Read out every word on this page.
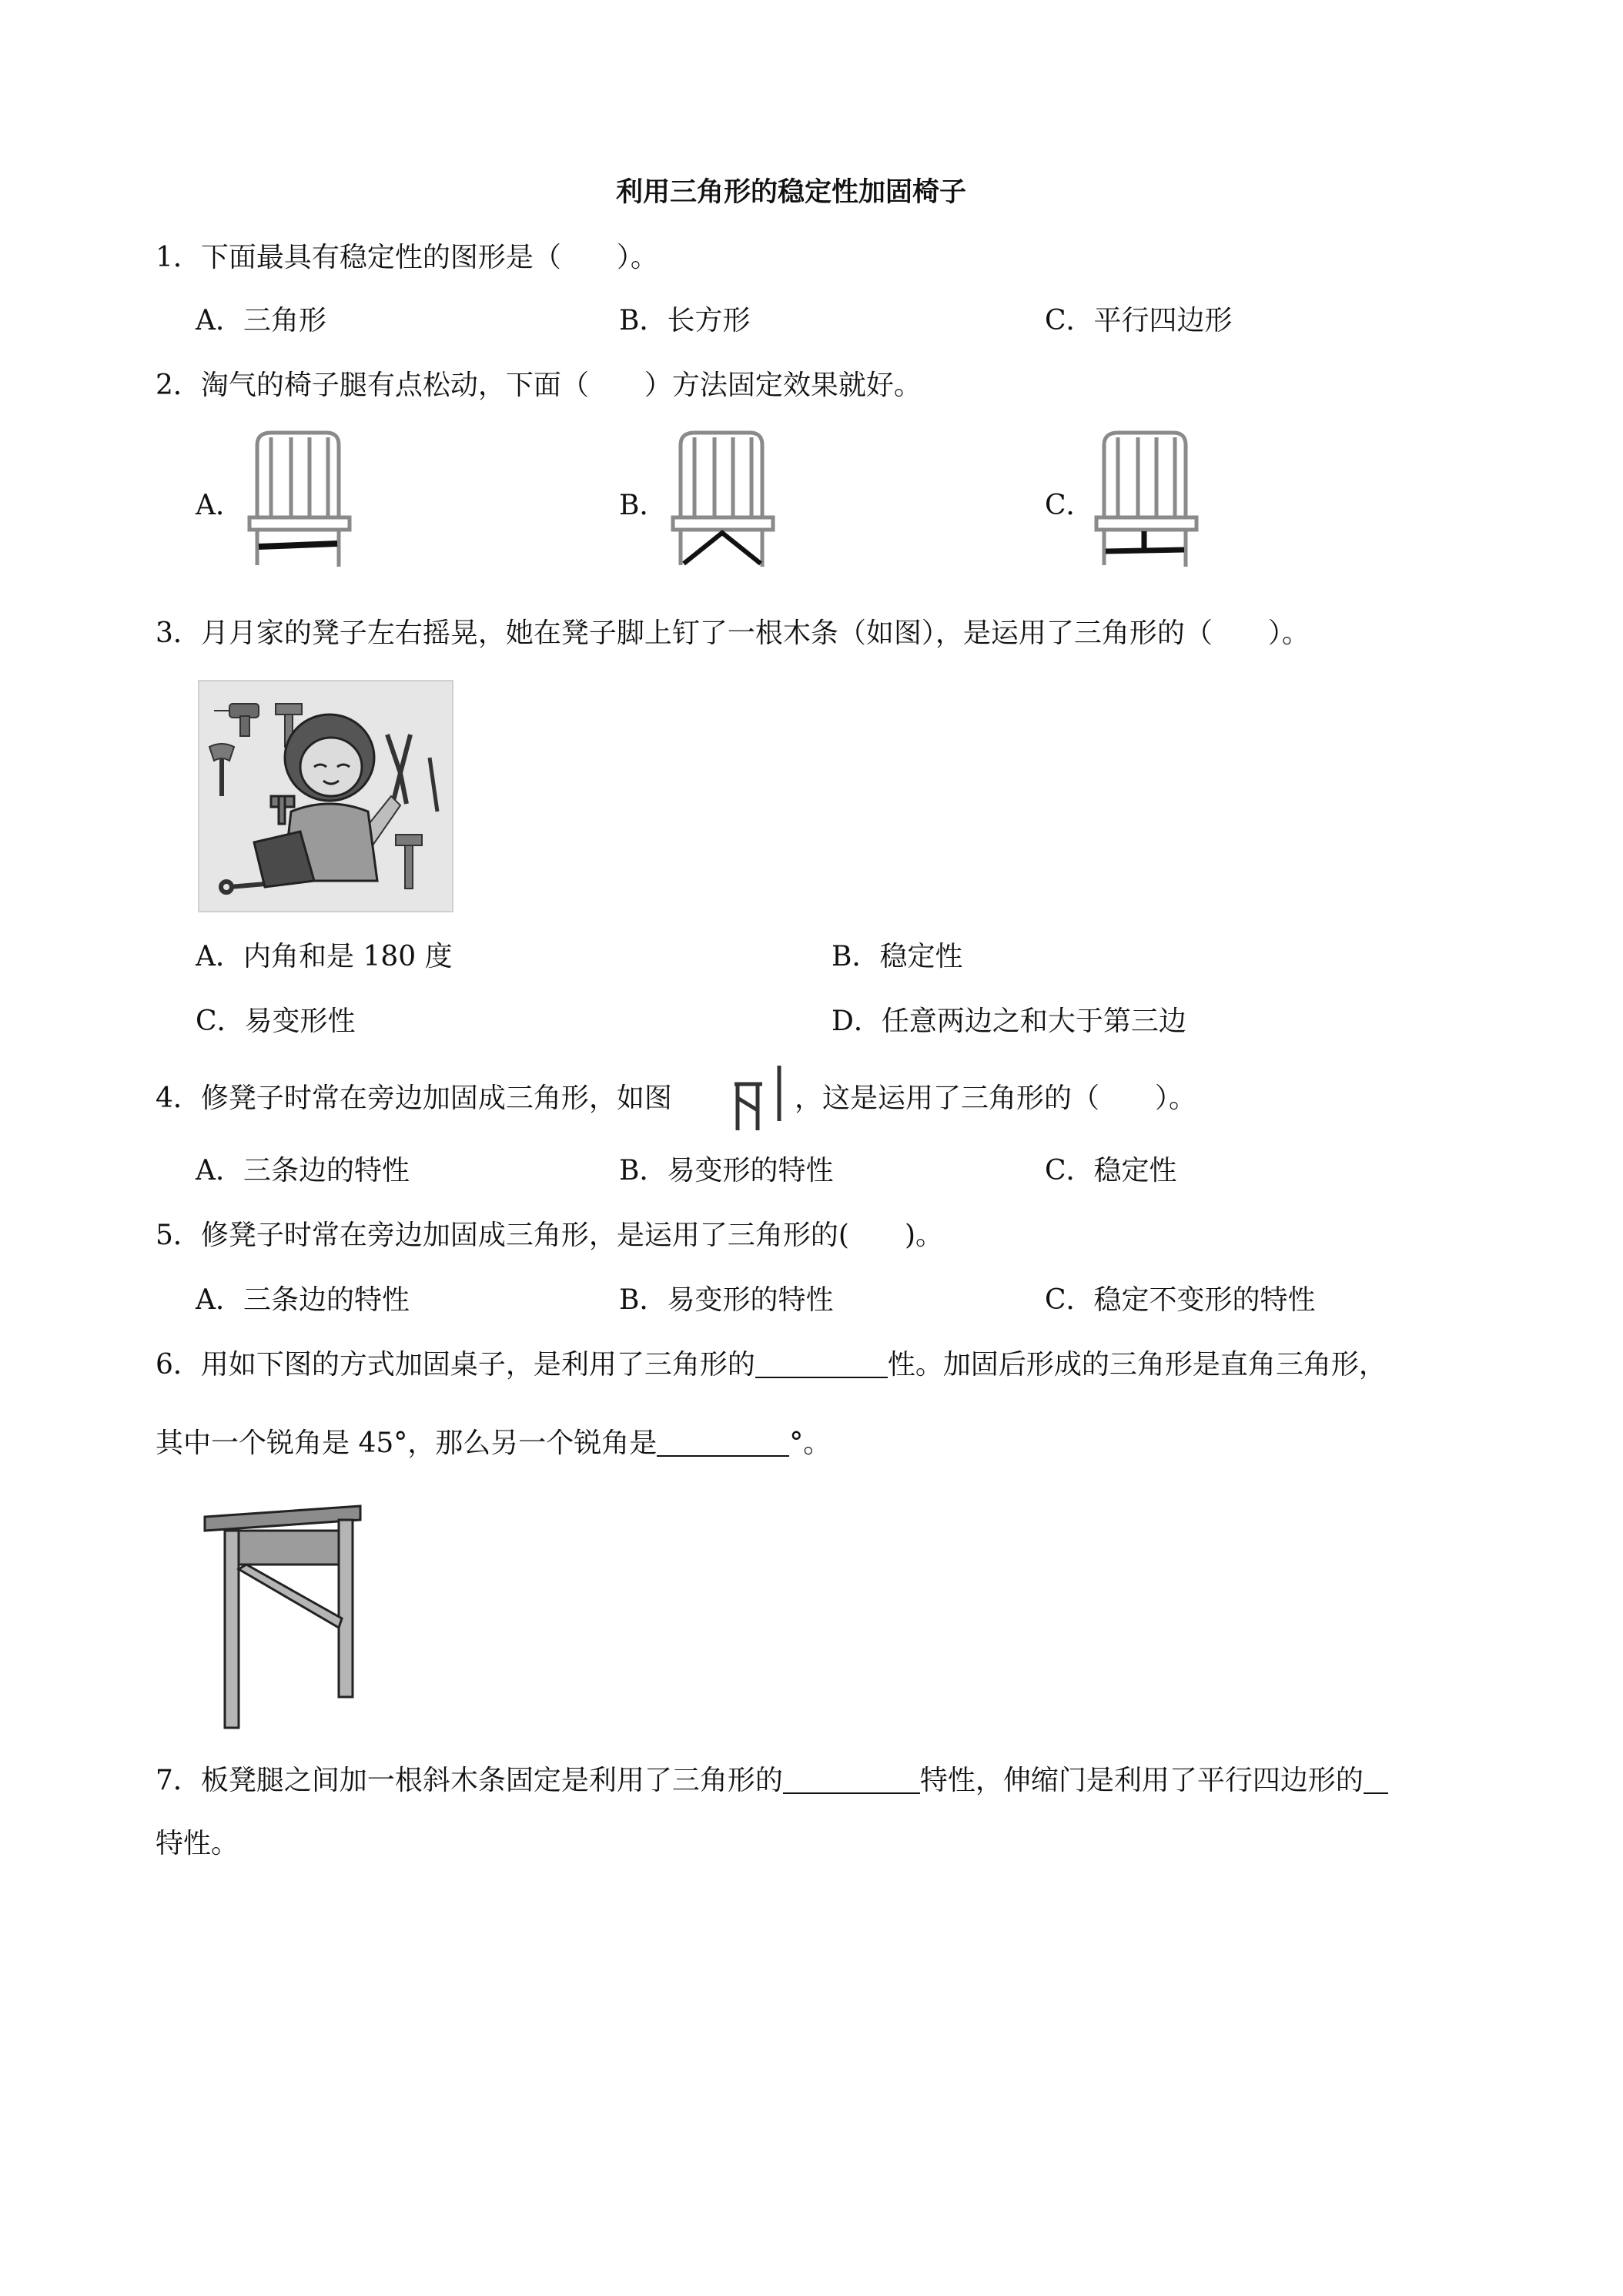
利用三角形的稳定性加固椅子
1．下面最具有稳定性的图形是（　　）。
A．三角形	B．长方形	C．平行四边形
2．淘气的椅子腿有点松动，下面（　　）方法固定效果就好。
A．	B．	C．
3．月月家的凳子左右摇晃，她在凳子脚上钉了一根木条（如图），是运用了三角形的（　　）。
A．内角和是 180 度	B．稳定性
C．易变形性	D．任意两边之和大于第三边
4．修凳子时常在旁边加固成三角形，如图	，这是运用了三角形的（　　）。
A．三条边的特性	B．易变形的特性	C．稳定性
5．修凳子时常在旁边加固成三角形，是运用了三角形的(　　)。
A．三条边的特性	B．易变形的特性	C．稳定不变形的特性
6．用如下图的方式加固桌子，是利用了三角形的	性。加固后形成的三角形是直角三角形，
其中一个锐角是 45°，那么另一个锐角是	°。
7．板凳腿之间加一根斜木条固定是利用了三角形的	特性，伸缩门是利用了平行四边形的
特性。
